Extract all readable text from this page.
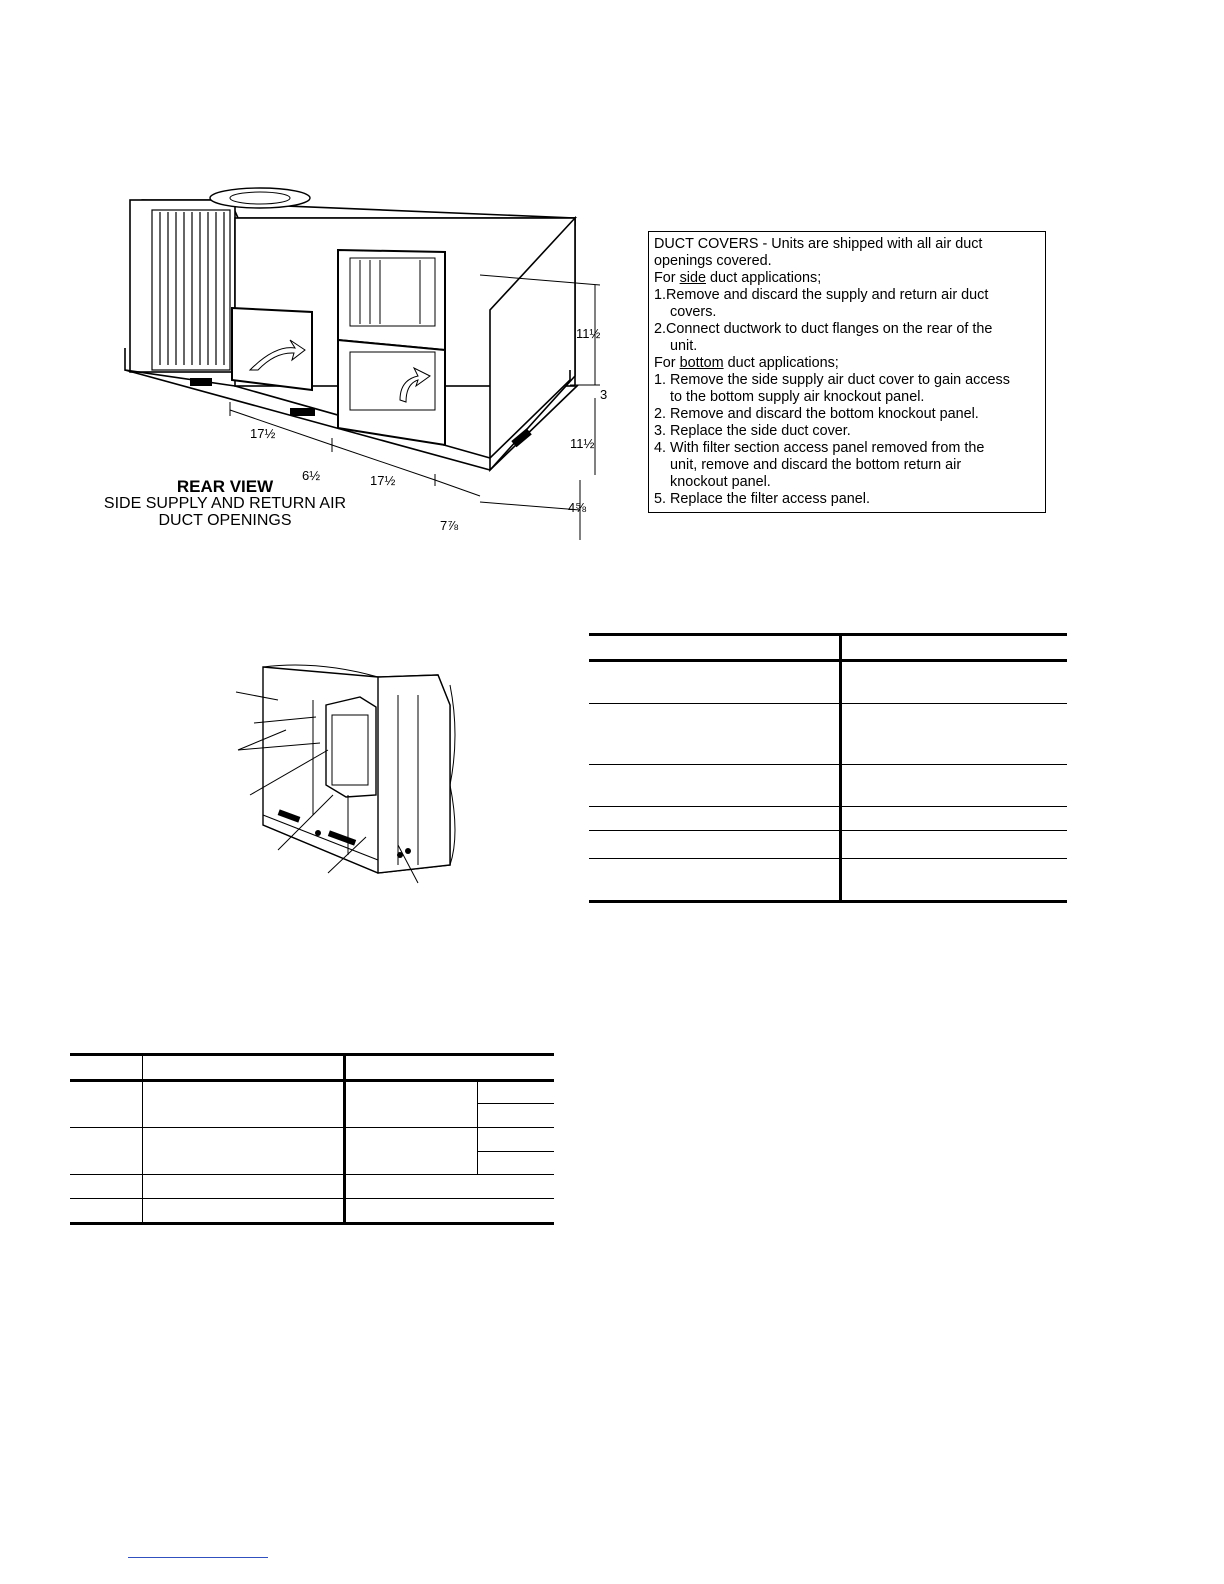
17½
6½	17½
11½
3
11½
4⅝
7⅞
REAR VIEW
SIDE SUPPLY AND RETURN AIR
DUCT OPENINGS

DUCT COVERS - Units are shipped with all air duct openings covered.

For side duct applications;

1.Remove and discard the supply and return air duct

covers.

2.Connect ductwork to duct flanges on the rear of the

unit.

For bottom duct applications;

1. Remove the side supply air duct cover to gain access

to the bottom supply air knockout panel.

2. Remove and discard the bottom knockout panel.

3. Replace the side duct cover.

4. With filter section access panel removed from the

unit, remove and discard the bottom return air

knockout panel.

5. Replace the filter access panel.
